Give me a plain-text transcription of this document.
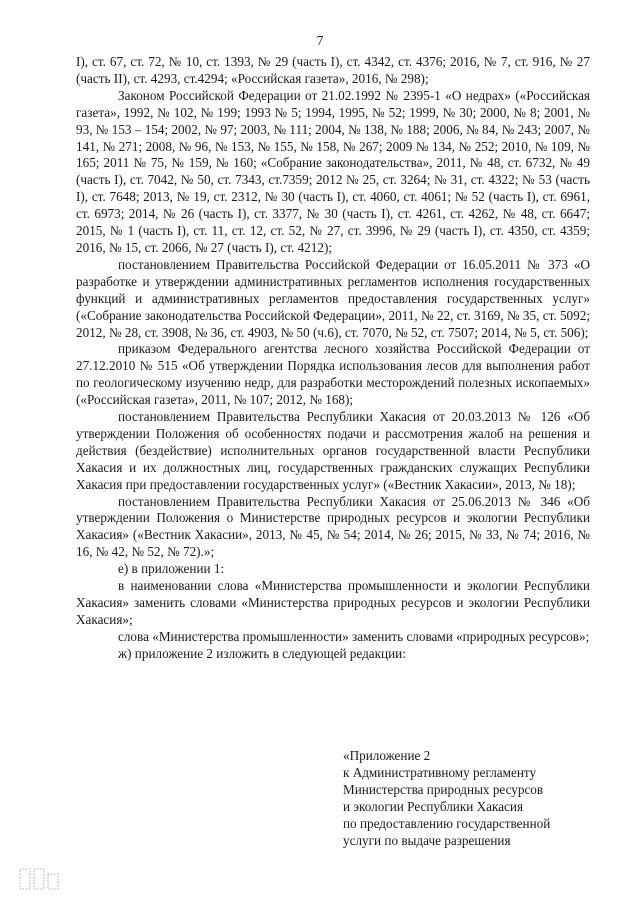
7

I), ст. 67, ст. 72, № 10, ст. 1393, № 29 (часть I), ст. 4342, ст. 4376; 2016, № 7, ст. 916, № 27 (часть II), ст. 4293, ст.4294; «Российская газета», 2016, № 298);

Законом Российской Федерации от 21.02.1992 № 2395-1 «О недрах» («Российская газета», 1992, № 102, № 199; 1993 № 5; 1994, 1995, № 52; 1999, № 30; 2000, № 8; 2001, № 93, № 153 – 154; 2002, № 97; 2003, № 111; 2004, № 138, № 188; 2006, № 84, № 243; 2007, № 141, № 271; 2008, № 96, № 153, № 155, № 158, № 267; 2009 № 134, № 252; 2010, № 109, № 165; 2011 № 75, № 159, № 160; «Собрание законодательства», 2011, № 48, ст. 6732, № 49 (часть I), ст. 7042, № 50, ст. 7343, ст.7359; 2012 № 25, ст. 3264; № 31, ст. 4322; № 53 (часть I), ст. 7648; 2013, № 19, ст. 2312, № 30 (часть I), ст. 4060, ст. 4061; № 52 (часть I), ст. 6961, ст. 6973; 2014, № 26 (часть I), ст. 3377, № 30 (часть I), ст. 4261, ст. 4262, № 48, ст. 6647; 2015, № 1 (часть I), ст. 11, ст. 12, ст. 52, № 27, ст. 3996, № 29 (часть I), ст. 4350, ст. 4359; 2016, № 15, ст. 2066, № 27 (часть I), ст. 4212);

постановлением Правительства Российской Федерации от 16.05.2011 № 373 «О разработке и утверждении административных регламентов исполнения государственных функций и административных регламентов предоставления государственных услуг» («Собрание законодательства Российской Федерации», 2011, № 22, ст. 3169, № 35, ст. 5092; 2012, № 28, ст. 3908, № 36, ст. 4903, № 50 (ч.6), ст. 7070, № 52, ст. 7507; 2014, № 5, ст. 506);

приказом Федерального агентства лесного хозяйства Российской Федерации от 27.12.2010 № 515 «Об утверждении Порядка использования лесов для выполнения работ по геологическому изучению недр, для разработки месторождений полезных ископаемых» («Российская газета», 2011, № 107; 2012, № 168);

постановлением Правительства Республики Хакасия от 20.03.2013 № 126 «Об утверждении Положения об особенностях подачи и рассмотрения жалоб на решения и действия (бездействие) исполнительных органов государственной власти Республики Хакасия и их должностных лиц, государственных гражданских служащих Республики Хакасия при предоставлении государственных услуг» («Вестник Хакасии», 2013, № 18);

постановлением Правительства Республики Хакасия от 25.06.2013 № 346 «Об утверждении Положения о Министерстве природных ресурсов и экологии Республики Хакасия» («Вестник Хакасии», 2013, № 45, № 54; 2014, № 26; 2015, № 33, № 74; 2016, № 16, № 42, № 52, № 72).»;

е) в приложении 1:

в наименовании слова «Министерства промышленности и экологии Республики Хакасия» заменить словами «Министерства природных ресурсов и экологии Республики Хакасия»;

слова «Министерства промышленности» заменить словами «природных ресурсов»;

ж) приложение 2 изложить в следующей редакции:

«Приложение 2
к Административному регламенту
Министерства природных ресурсов
и экологии Республики Хакасия
по предоставлению государственной
услуги по выдаче разрешения
